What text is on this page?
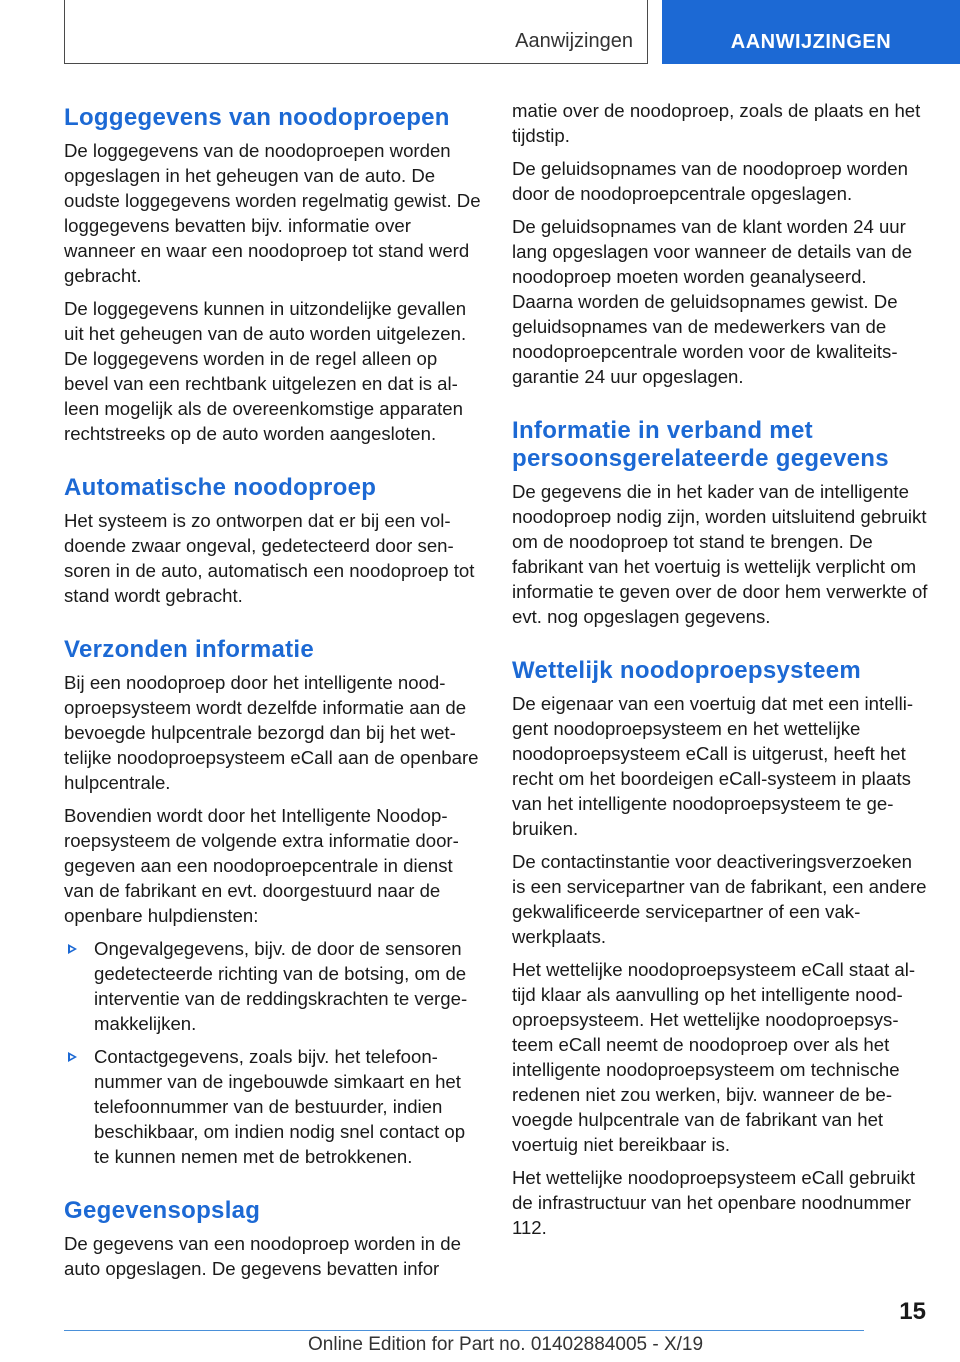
Aanwijzingen	AANWIJZINGEN
Loggegevens van noodoproepen

De loggegevens van de noodoproepen worden opgeslagen in het geheugen van de auto. De oudste loggegevens worden regelmatig gewist. De loggegevens bevatten bijv. informatie over wanneer en waar een noodoproep tot stand werd gebracht.

De loggegevens kunnen in uitzondelijke gevallen uit het geheugen van de auto worden uitgelezen. De loggegevens worden in de regel alleen op bevel van een rechtbank uitgelezen en dat is alleen mogelijk als de overeenkomstige apparaten rechtstreeks op de auto worden aangesloten.

Automatische noodoproep

Het systeem is zo ontworpen dat er bij een voldoende zwaar ongeval, gedetecteerd door sensoren in de auto, automatisch een noodoproep tot stand wordt gebracht.

Verzonden informatie

Bij een noodoproep door het intelligente noodoproepsysteem wordt dezelfde informatie aan de bevoegde hulpcentrale bezorgd dan bij het wettelijke noodoproepsysteem eCall aan de openbare hulpcentrale.

Bovendien wordt door het Intelligente Noodoproepsysteem de volgende extra informatie doorgegeven aan een noodoproepcentrale in dienst van de fabrikant en evt. doorgestuurd naar de openbare hulpdiensten:

Ongevalgegevens, bijv. de door de sensoren gedetecteerde richting van de botsing, om de interventie van de reddingskrachten te vergemakkelijken.
Contactgegevens, zoals bijv. het telefoonnummer van de ingebouwde simkaart en het telefoonnummer van de bestuurder, indien beschikbaar, om indien nodig snel contact op te kunnen nemen met de betrokkenen.
Gegevensopslag

De gegevens van een noodoproep worden in de auto opgeslagen. De gegevens bevatten infor

matie over de noodoproep, zoals de plaats en het tijdstip.

De geluidsopnames van de noodoproep worden door de noodoproepcentrale opgeslagen.

De geluidsopnames van de klant worden 24 uur lang opgeslagen voor wanneer de details van de noodoproep moeten worden geanalyseerd. Daarna worden de geluidsopnames gewist. De geluidsopnames van de medewerkers van de noodoproepcentrale worden voor de kwaliteitsgarantie 24 uur opgeslagen.

Informatie in verband met persoonsgerelateerde gegevens

De gegevens die in het kader van de intelligente noodoproep nodig zijn, worden uitsluitend gebruikt om de noodoproep tot stand te brengen. De fabrikant van het voertuig is wettelijk verplicht om informatie te geven over de door hem verwerkte of evt. nog opgeslagen gegevens.

Wettelijk noodoproepsysteem

De eigenaar van een voertuig dat met een intelligent noodoproepsysteem en het wettelijke noodoproepsysteem eCall is uitgerust, heeft het recht om het boordeigen eCall-systeem in plaats van het intelligente noodoproepsysteem te gebruiken.

De contactinstantie voor deactiveringsverzoeken is een servicepartner van de fabrikant, een andere gekwalificeerde servicepartner of een vakwerkplaats.

Het wettelijke noodoproepsysteem eCall staat altijd klaar als aanvulling op het intelligente noodoproepsysteem. Het wettelijke noodoproepsysteem eCall neemt de noodoproep over als het intelligente noodoproepsysteem om technische redenen niet zou werken, bijv. wanneer de bevoegde hulpcentrale van de fabrikant van het voertuig niet bereikbaar is.

Het wettelijke noodoproepsysteem eCall gebruikt de infrastructuur van het openbare noodnummer 112.

15
Online Edition for Part no. 01402884005 - X/19
